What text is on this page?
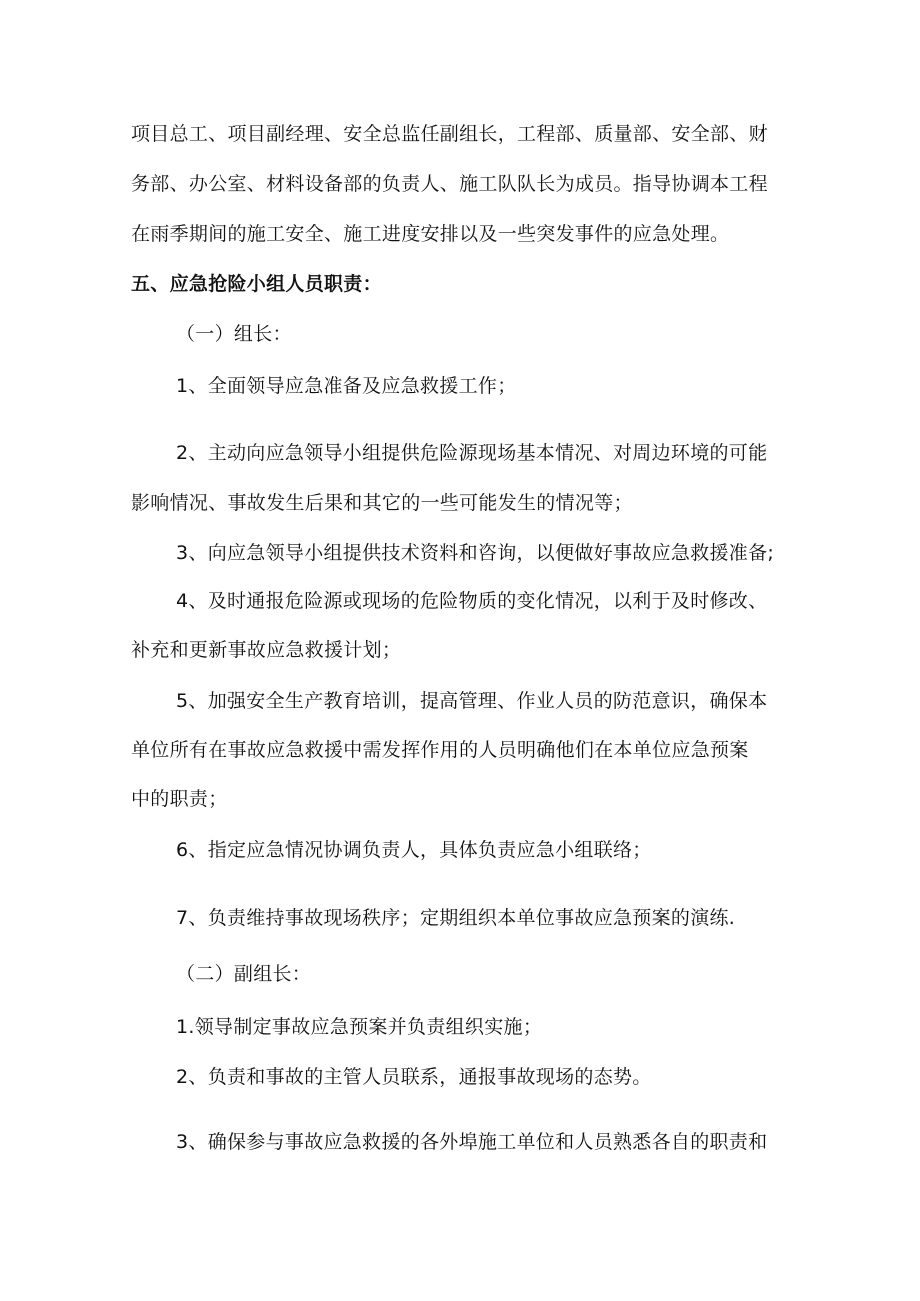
项目总工、项目副经理、安全总监任副组长，工程部、质量部、安全部、财
务部、办公室、材料设备部的负责人、施工队队长为成员。指导协调本工程
在雨季期间的施工安全、施工进度安排以及一些突发事件的应急处理。
五、应急抢险小组人员职责：
（一）组长：
1、全面领导应急准备及应急救援工作；
2、主动向应急领导小组提供危险源现场基本情况、对周边环境的可能
影响情况、事故发生后果和其它的一些可能发生的情况等；
3、向应急领导小组提供技术资料和咨询，以便做好事故应急救援准备;
4、及时通报危险源或现场的危险物质的变化情况，以利于及时修改、
补充和更新事故应急救援计划；
5、加强安全生产教育培训，提高管理、作业人员的防范意识，确保本
单位所有在事故应急救援中需发挥作用的人员明确他们在本单位应急预案
中的职责；
6、指定应急情况协调负责人，具体负责应急小组联络；
7、负责维持事故现场秩序；定期组织本单位事故应急预案的演练.
（二）副组长：
1.领导制定事故应急预案并负责组织实施；
2、负责和事故的主管人员联系，通报事故现场的态势。
3、确保参与事故应急救援的各外埠施工单位和人员熟悉各自的职责和
